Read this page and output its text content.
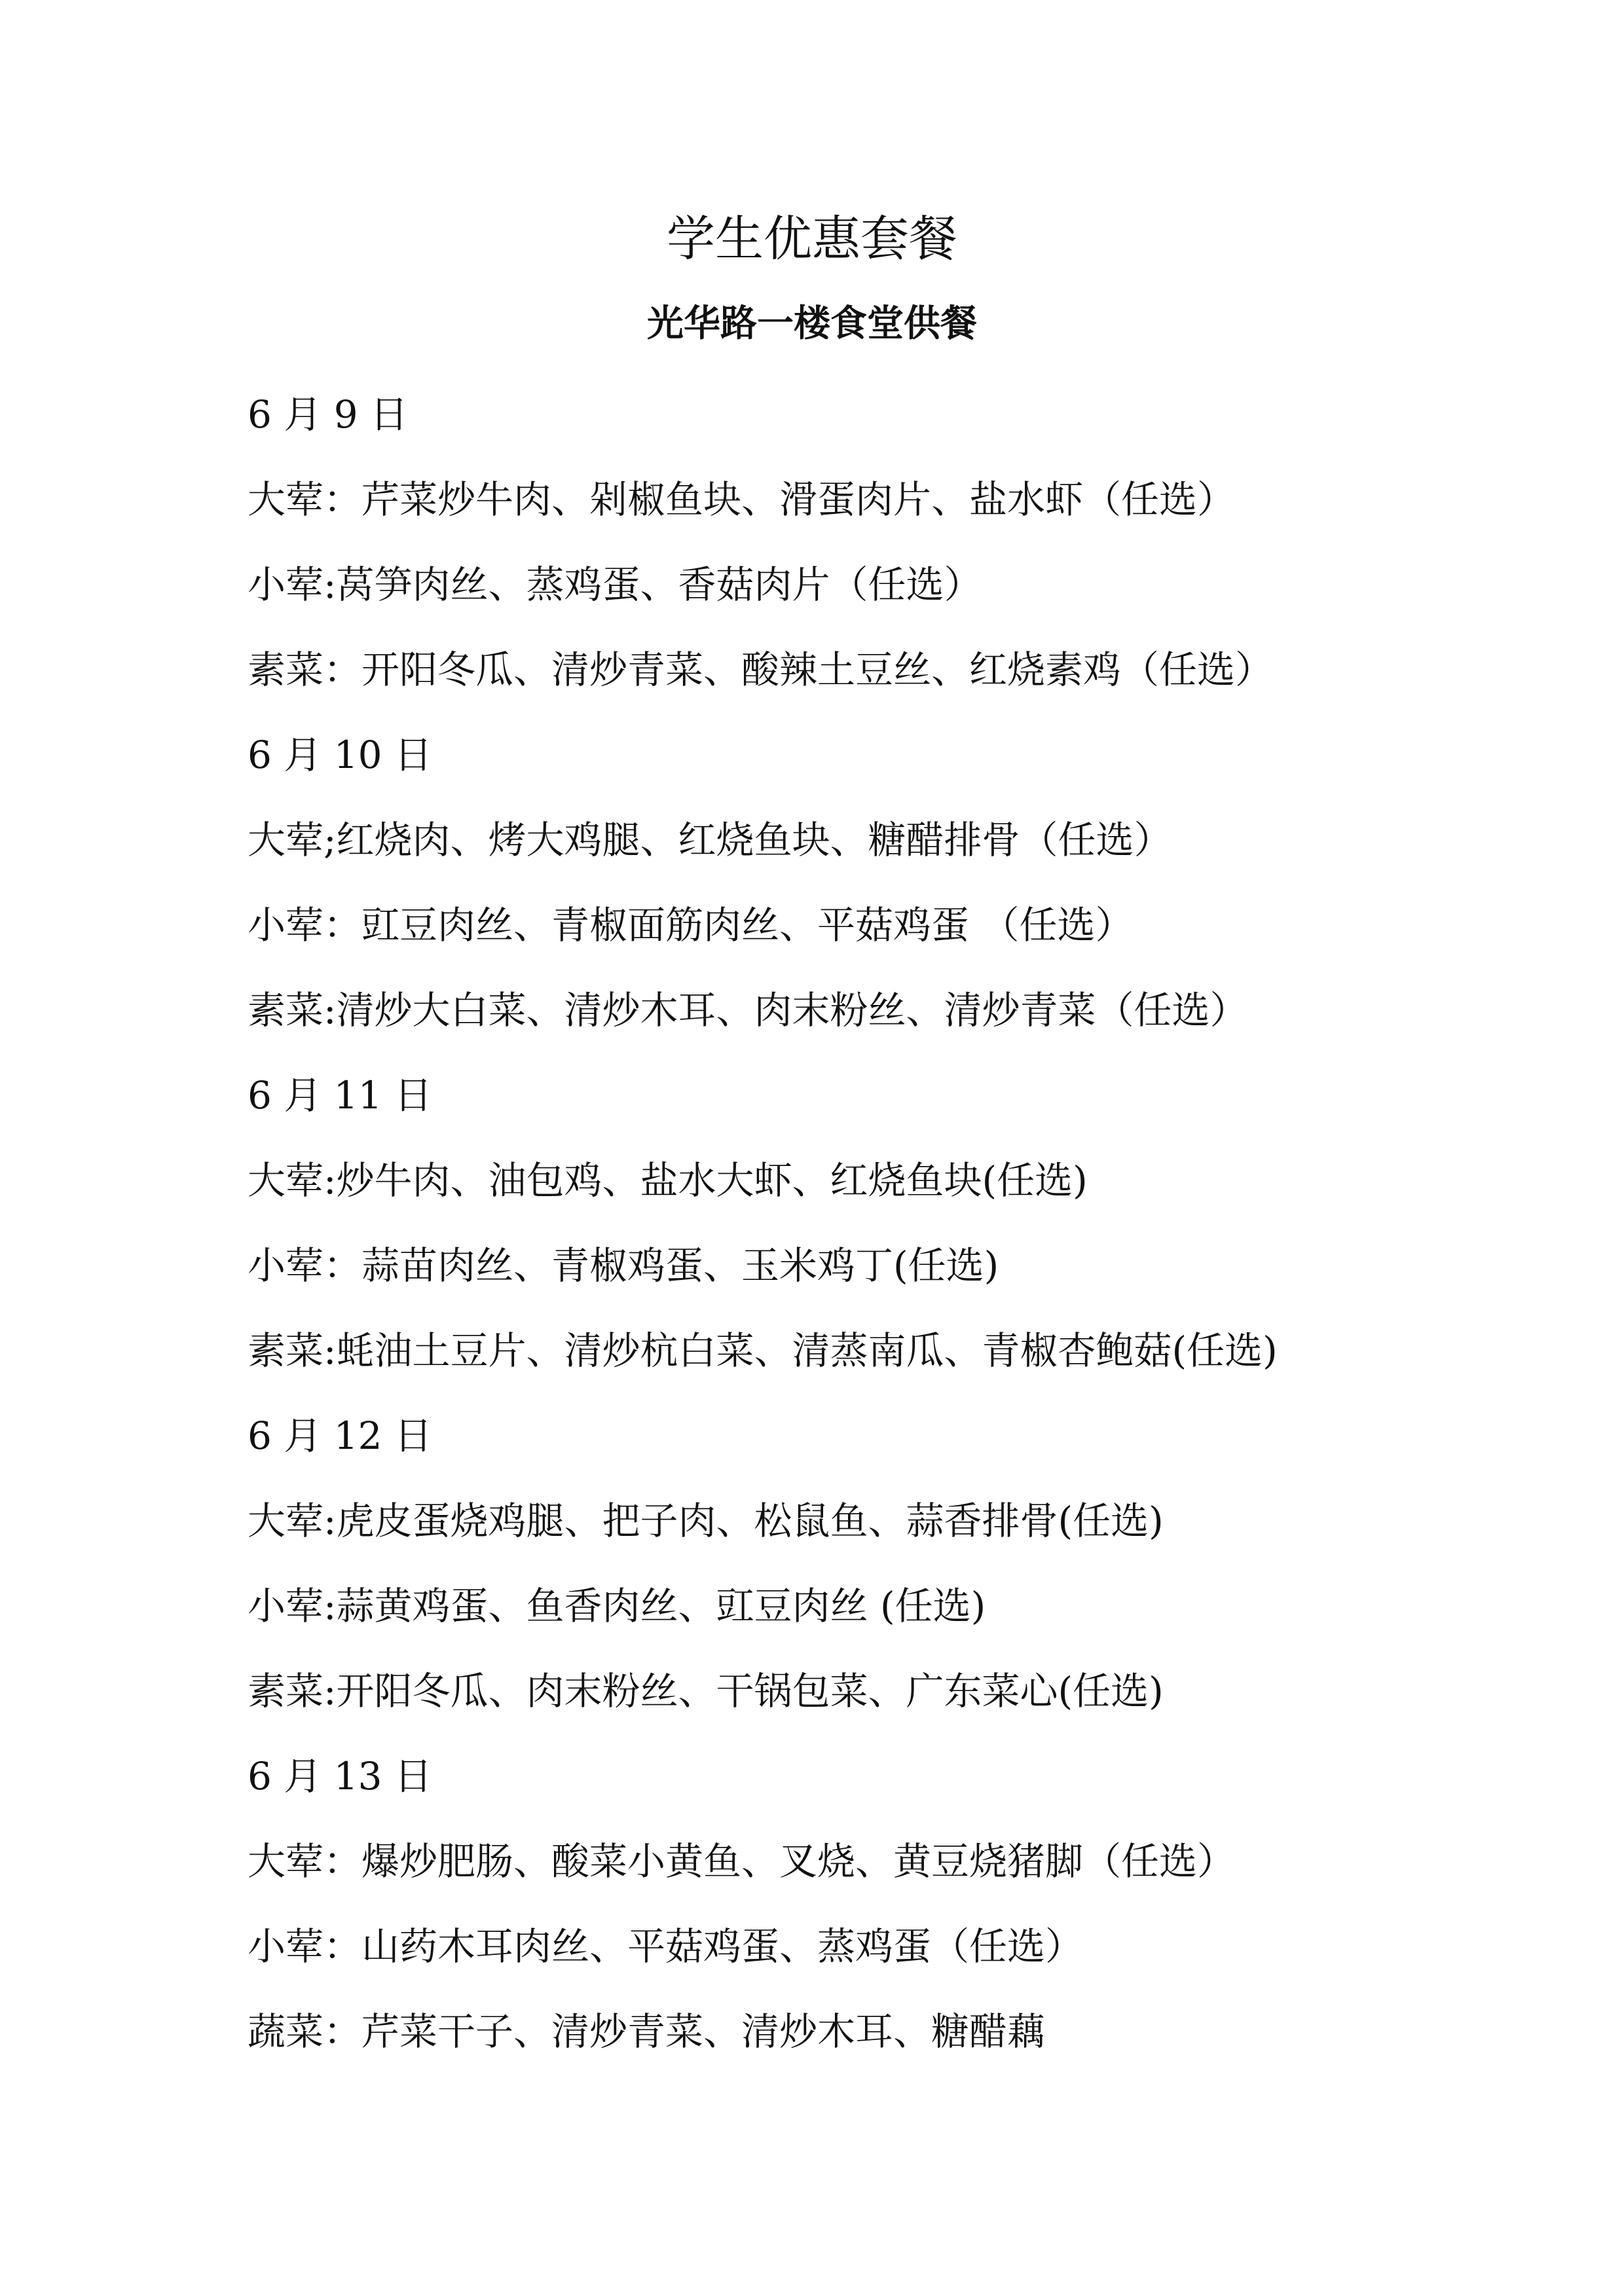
学生优惠套餐
光华路一楼食堂供餐
6 月 9 日
大荤：芹菜炒牛肉、剁椒鱼块、滑蛋肉片、盐水虾（任选）
小荤:莴笋肉丝、蒸鸡蛋、香菇肉片（任选）
素菜：开阳冬瓜、清炒青菜、酸辣土豆丝、红烧素鸡（任选）
6 月 10 日
大荤;红烧肉、烤大鸡腿、红烧鱼块、糖醋排骨（任选）
小荤：豇豆肉丝、青椒面筋肉丝、平菇鸡蛋 （任选）
素菜:清炒大白菜、清炒木耳、肉末粉丝、清炒青菜（任选）
6 月 11 日
大荤:炒牛肉、油包鸡、盐水大虾、红烧鱼块(任选)
小荤：蒜苗肉丝、青椒鸡蛋、玉米鸡丁(任选)
素菜:蚝油土豆片、清炒杭白菜、清蒸南瓜、青椒杏鲍菇(任选)
6 月 12 日
大荤:虎皮蛋烧鸡腿、把子肉、松鼠鱼、蒜香排骨(任选)
小荤:蒜黄鸡蛋、鱼香肉丝、豇豆肉丝 (任选)
素菜:开阳冬瓜、肉末粉丝、干锅包菜、广东菜心(任选)
6 月 13 日
大荤：爆炒肥肠、酸菜小黄鱼、叉烧、黄豆烧猪脚（任选）
小荤：山药木耳肉丝、平菇鸡蛋、蒸鸡蛋（任选）
蔬菜：芹菜干子、清炒青菜、清炒木耳、糖醋藕
